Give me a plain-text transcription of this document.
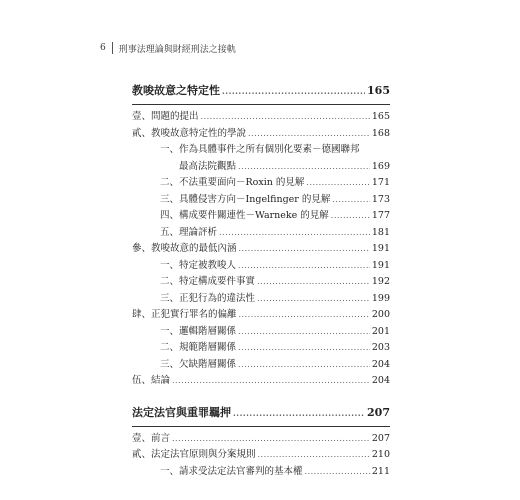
6 刑事法理論與財經刑法之接軌
教唆故意之特定性 .....	165
壹、問題的提出 .....	165
貳、教唆故意特定性的學說 .....	168
一、作為具體事件之所有個別化要素－德國聯邦
最高法院觀點 .....	169
二、不法重要面向－Roxin 的見解 .....	171
三、具體侵害方向－Ingelfinger 的見解 .....	173
四、構成要件關連性－Warneke 的見解 .....	177
五、理論評析 .....	181
參、教唆故意的最低內涵 .....	191
一、特定被教唆人 .....	191
二、特定構成要件事實 .....	192
三、正犯行為的違法性 .....	199
肆、正犯實行罪名的偏離 .....	200
一、邏輯階層關係 .....	201
二、規範階層關係 .....	203
三、欠缺階層關係 .....	204
伍、結論 .....	204
法定法官與重罪羈押 .....	207
壹、前言 .....	207
貳、法定法官原則與分案規則 .....	210
一、請求受法定法官審判的基本權 .....	211
